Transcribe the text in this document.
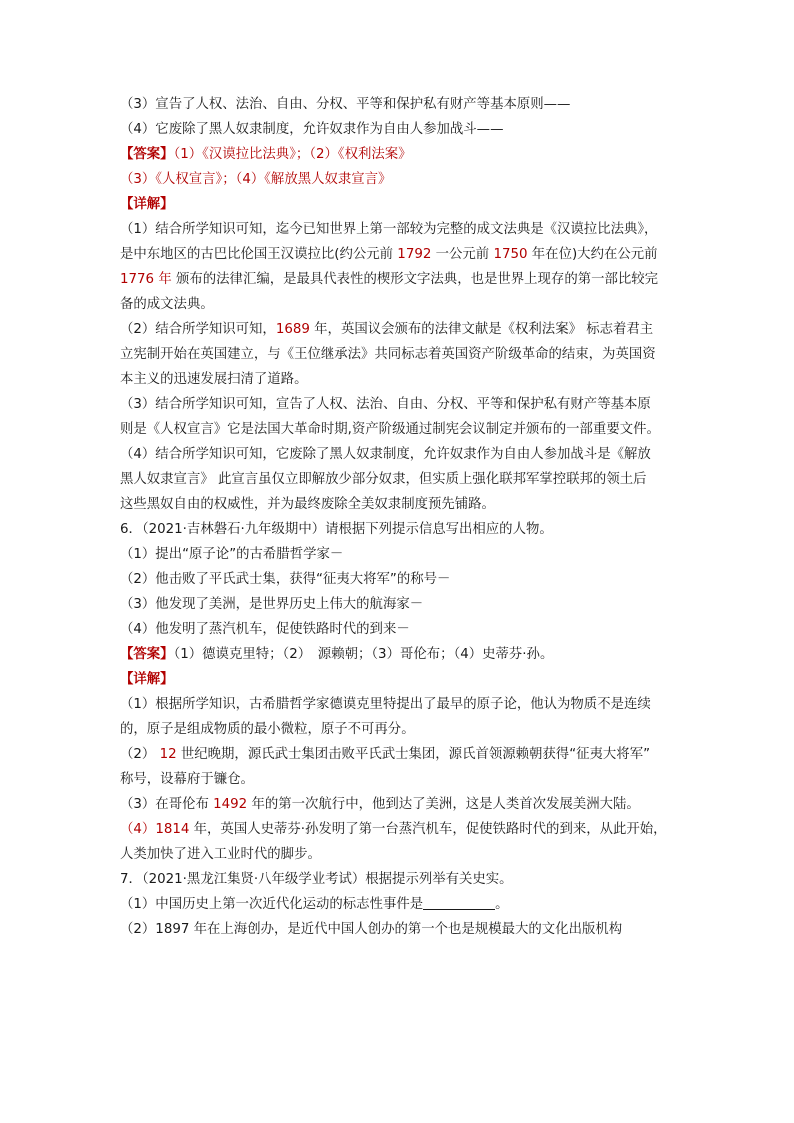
（3）宣告了人权、法治、自由、分权、平等和保护私有财产等基本原则——
（4）它废除了黑人奴隶制度，允许奴隶作为自由人参加战斗——
【答案】（1）《汉谟拉比法典》；（2）《权利法案》
（3）《人权宣言》；（4）《解放黑人奴隶宣言》
【详解】
（1）结合所学知识可知，迄今已知世界上第一部较为完整的成文法典是《汉谟拉比法典》，
是中东地区的古巴比伦国王汉谟拉比(约公元前 1792 一公元前 1750 年在位)大约在公元前
1776 年 颁布的法律汇编，是最具代表性的楔形文字法典，也是世界上现存的第一部比较完
备的成文法典。
（2）结合所学知识可知，1689 年，英国议会颁布的法律文献是《权利法案》 标志着君主
立宪制开始在英国建立，与《王位继承法》共同标志着英国资产阶级革命的结束，为英国资
本主义的迅速发展扫清了道路。
（3）结合所学知识可知，宣告了人权、法治、自由、分权、平等和保护私有财产等基本原
则是《人权宣言》它是法国大革命时期,资产阶级通过制宪会议制定并颁布的一部重要文件。
（4）结合所学知识可知，它废除了黑人奴隶制度，允许奴隶作为自由人参加战斗是《解放
黑人奴隶宣言》 此宣言虽仅立即解放少部分奴隶，但实质上强化联邦军掌控联邦的领土后
这些黑奴自由的权威性，并为最终废除全美奴隶制度预先铺路。
6．（2021·吉林磐石·九年级期中）请根据下列提示信息写出相应的人物。
（1）提出“原子论”的古希腊哲学家－
（2）他击败了平氏武士集，获得“征夷大将军”的称号－
（3）他发现了美洲，是世界历史上伟大的航海家－
（4）他发明了蒸汽机车，促使铁路时代的到来－
【答案】（1）德谟克里特；（2）　源赖朝；（3）哥伦布；（4）史蒂芬·孙。
【详解】
（1）根据所学知识，古希腊哲学家德谟克里特提出了最早的原子论，他认为物质不是连续
的，原子是组成物质的最小微粒，原子不可再分。
（2） 12 世纪晚期，源氏武士集团击败平氏武士集团，源氏首领源赖朝获得“征夷大将军”
称号，设幕府于镰仓。
（3）在哥伦布 1492 年的第一次航行中，他到达了美洲，这是人类首次发展美洲大陆。
（4）1814 年，英国人史蒂芬·孙发明了第一台蒸汽机车，促使铁路时代的到来，从此开始，
人类加快了进入工业时代的脚步。
7．（2021·黑龙江集贤·八年级学业考试）根据提示列举有关史实。
（1）中国历史上第一次近代化运动的标志性事件是	。
（2）1897 年在上海创办，是近代中国人创办的第一个也是规模最大的文化出版机构
